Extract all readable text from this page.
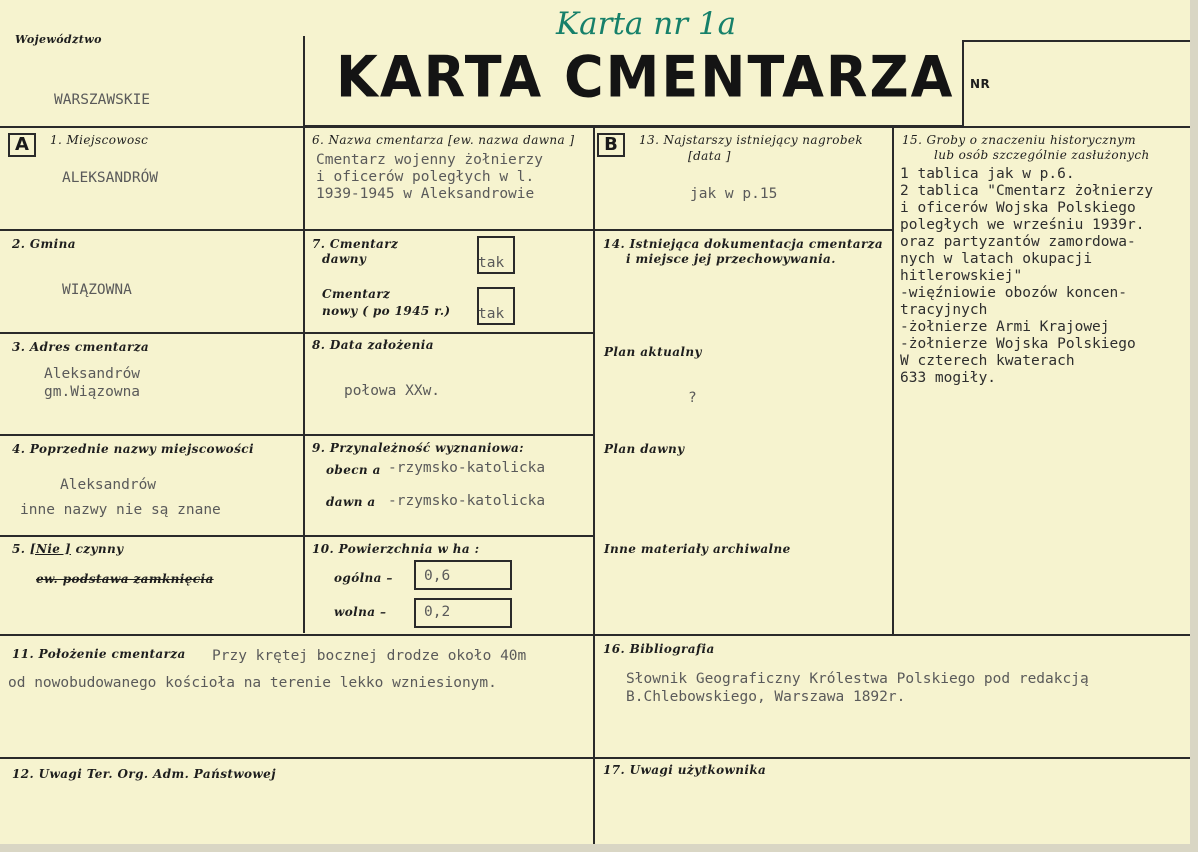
Województwo
WARSZAWSKIE
Karta nr 1a
KARTA CMENTARZA NR
A	B
1. Miejscowosc
ALEKSANDRÓW
2. Gmina
WIĄZOWNA
3. Adres cmentarza
Aleksandrów
gm.Wiązowna
4. Poprzednie nazwy miejscowości
Aleksandrów
inne nazwy nie są znane
5. [Nie ] czynny
ew. podstawa zamknięcia
6. Nazwa cmentarza [ew. nazwa dawna ]
Cmentarz wojenny żołnierzy
i oficerów poległych w l.
1939-1945 w Aleksandrowie
7. Cmentarz
dawny	tak
Cmentarz
nowy ( po 1945 r.) tak
8. Data założenia
połowa XXw.
9. Przynależność wyznaniowa:
obecn a -rzymsko-katolicka
dawn a -rzymsko-katolicka
10. Powierzchnia w ha :
ogólna – 0,6
wolna –	0,2
11. Położenie cmentarza Przy krętej bocznej drodze około 40m
od nowobudowanego kościoła na terenie lekko wzniesionym.
12. Uwagi Ter. Org. Adm. Państwowej
13. Najstarszy istniejący nagrobek
[data ]
jak w p.15
14. Istniejąca dokumentacja cmentarza
i miejsce jej przechowywania.
Plan aktualny
?
Plan dawny
Inne materiały archiwalne
15. Groby o znaczeniu historycznym
lub osób szczególnie zasłużonych
1 tablica jak w p.6.
2 tablica "Cmentarz żołnierzy
i oficerów Wojska Polskiego
poległych we wrześniu 1939r.
oraz partyzantów zamordowa-
nych w latach okupacji
hitlerowskiej"
-więźniowie obozów koncen-
tracyjnych
-żołnierze Armi Krajowej
-żołnierze Wojska Polskiego
W czterech kwaterach
633 mogiły.
16. Bibliografia
Słownik Geograficzny Królestwa Polskiego pod redakcją
B.Chlebowskiego, Warszawa 1892r.
17. Uwagi użytkownika
